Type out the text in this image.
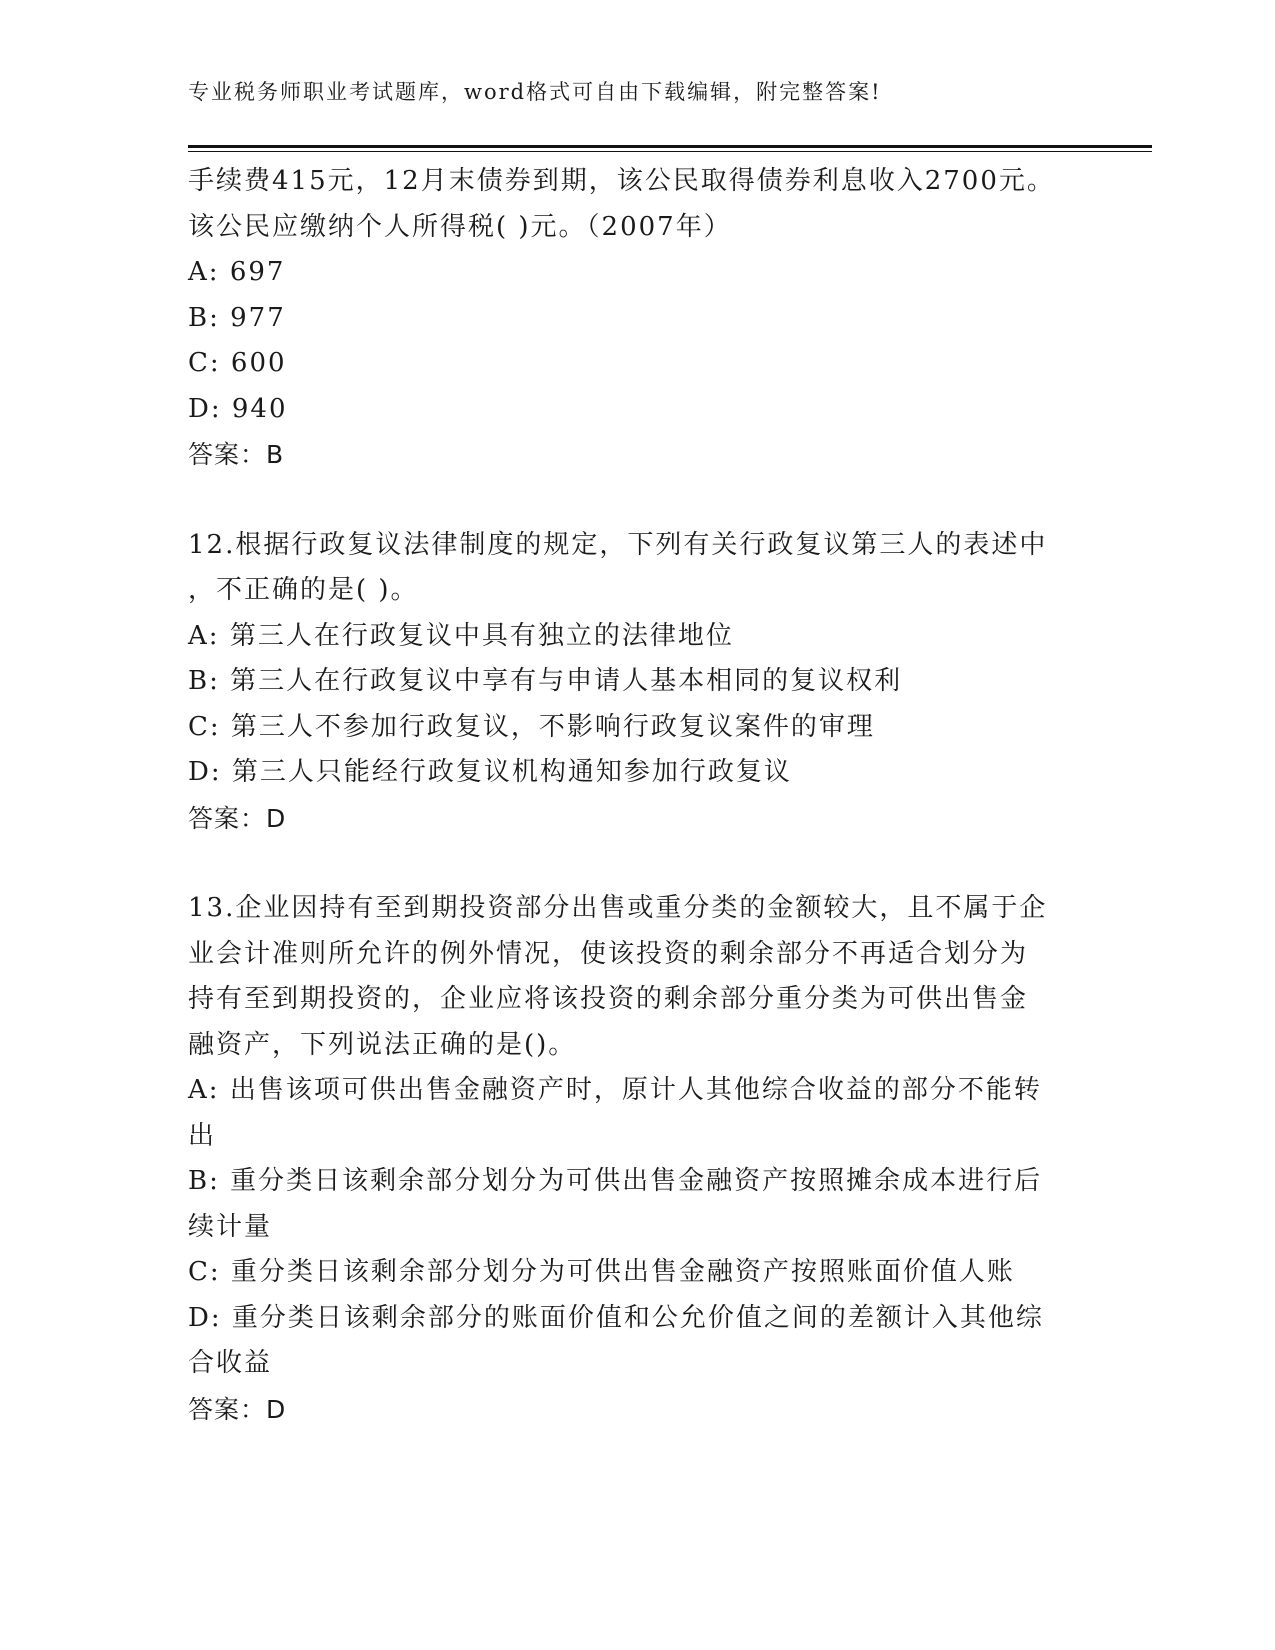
专业税务师职业考试题库，word格式可自由下载编辑，附完整答案!

手续费415元，12月末债券到期，该公民取得债券利息收入2700元。

该公民应缴纳个人所得税( )元。（2007年）

A: 697

B: 977

C: 600

D: 940

答案：B

12.根据行政复议法律制度的规定，下列有关行政复议第三人的表述中

，不正确的是( )。

A: 第三人在行政复议中具有独立的法律地位

B: 第三人在行政复议中享有与申请人基本相同的复议权利

C: 第三人不参加行政复议，不影响行政复议案件的审理

D: 第三人只能经行政复议机构通知参加行政复议

答案：D

13.企业因持有至到期投资部分出售或重分类的金额较大，且不属于企

业会计准则所允许的例外情况，使该投资的剩余部分不再适合划分为

持有至到期投资的，企业应将该投资的剩余部分重分类为可供出售金

融资产，下列说法正确的是()。

A: 出售该项可供出售金融资产时，原计人其他综合收益的部分不能转

出

B: 重分类日该剩余部分划分为可供出售金融资产按照摊余成本进行后

续计量

C: 重分类日该剩余部分划分为可供出售金融资产按照账面价值人账

D: 重分类日该剩余部分的账面价值和公允价值之间的差额计入其他综

合收益

答案：D
